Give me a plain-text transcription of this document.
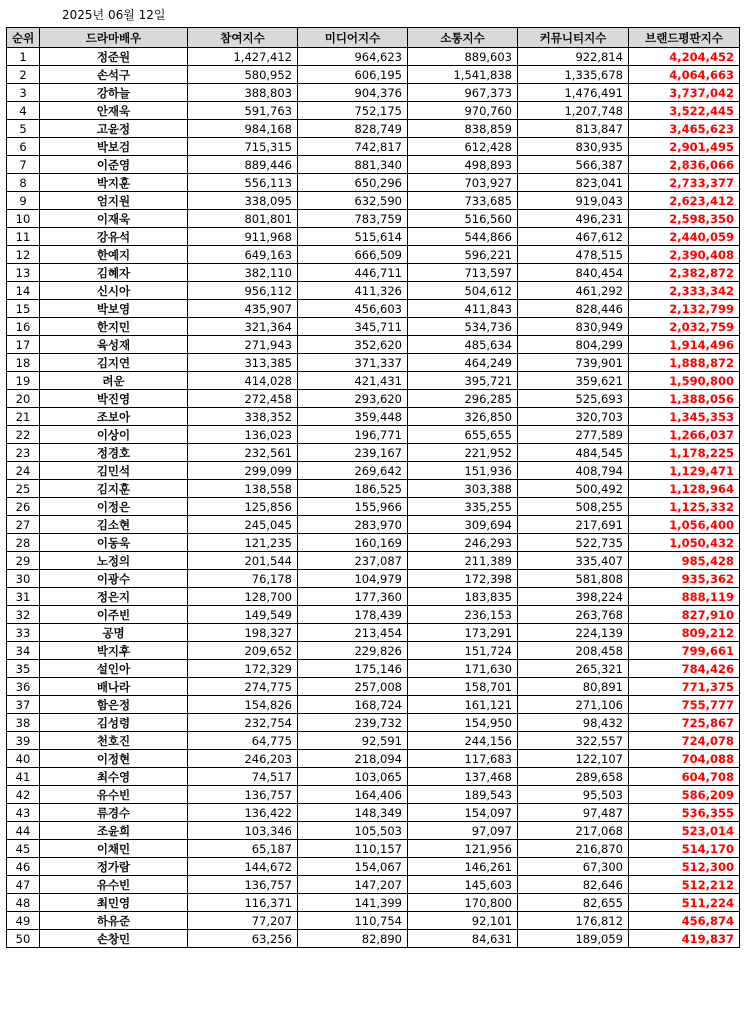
2025년 06월 12일
순위	드라마배우	참여지수	미디어지수	소통지수	커뮤니티지수	브랜드평판지수
1	정준원	1,427,412	964,623	889,603	922,814	4,204,452
2	손석구	580,952	606,195	1,541,838	1,335,678	4,064,663
3	강하늘	388,803	904,376	967,373	1,476,491	3,737,042
4	안재욱	591,763	752,175	970,760	1,207,748	3,522,445
5	고윤정	984,168	828,749	838,859	813,847	3,465,623
6	박보검	715,315	742,817	612,428	830,935	2,901,495
7	이준영	889,446	881,340	498,893	566,387	2,836,066
8	박지훈	556,113	650,296	703,927	823,041	2,733,377
9	엄지원	338,095	632,590	733,685	919,043	2,623,412
10	이재욱	801,801	783,759	516,560	496,231	2,598,350
11	강유석	911,968	515,614	544,866	467,612	2,440,059
12	한예지	649,163	666,509	596,221	478,515	2,390,408
13	김혜자	382,110	446,711	713,597	840,454	2,382,872
14	신시아	956,112	411,326	504,612	461,292	2,333,342
15	박보영	435,907	456,603	411,843	828,446	2,132,799
16	한지민	321,364	345,711	534,736	830,949	2,032,759
17	육성재	271,943	352,620	485,634	804,299	1,914,496
18	김지연	313,385	371,337	464,249	739,901	1,888,872
19	려운	414,028	421,431	395,721	359,621	1,590,800
20	박진영	272,458	293,620	296,285	525,693	1,388,056
21	조보아	338,352	359,448	326,850	320,703	1,345,353
22	이상이	136,023	196,771	655,655	277,589	1,266,037
23	정경호	232,561	239,167	221,952	484,545	1,178,225
24	김민석	299,099	269,642	151,936	408,794	1,129,471
25	김지훈	138,558	186,525	303,388	500,492	1,128,964
26	이정은	125,856	155,966	335,255	508,255	1,125,332
27	김소현	245,045	283,970	309,694	217,691	1,056,400
28	이동욱	121,235	160,169	246,293	522,735	1,050,432
29	노정의	201,544	237,087	211,389	335,407	985,428
30	이광수	76,178	104,979	172,398	581,808	935,362
31	정은지	128,700	177,360	183,835	398,224	888,119
32	이주빈	149,549	178,439	236,153	263,768	827,910
33	공명	198,327	213,454	173,291	224,139	809,212
34	박지후	209,652	229,826	151,724	208,458	799,661
35	설인아	172,329	175,146	171,630	265,321	784,426
36	배나라	274,775	257,008	158,701	80,891	771,375
37	함은정	154,826	168,724	161,121	271,106	755,777
38	김성령	232,754	239,732	154,950	98,432	725,867
39	천호진	64,775	92,591	244,156	322,557	724,078
40	이정현	246,203	218,094	117,683	122,107	704,088
41	최수영	74,517	103,065	137,468	289,658	604,708
42	유수빈	136,757	164,406	189,543	95,503	586,209
43	류경수	136,422	148,349	154,097	97,487	536,355
44	조윤희	103,346	105,503	97,097	217,068	523,014
45	이채민	65,187	110,157	121,956	216,870	514,170
46	정가람	144,672	154,067	146,261	67,300	512,300
47	유수빈	136,757	147,207	145,603	82,646	512,212
48	최민영	116,371	141,399	170,800	82,655	511,224
49	하유준	77,207	110,754	92,101	176,812	456,874
50	손창민	63,256	82,890	84,631	189,059	419,837
